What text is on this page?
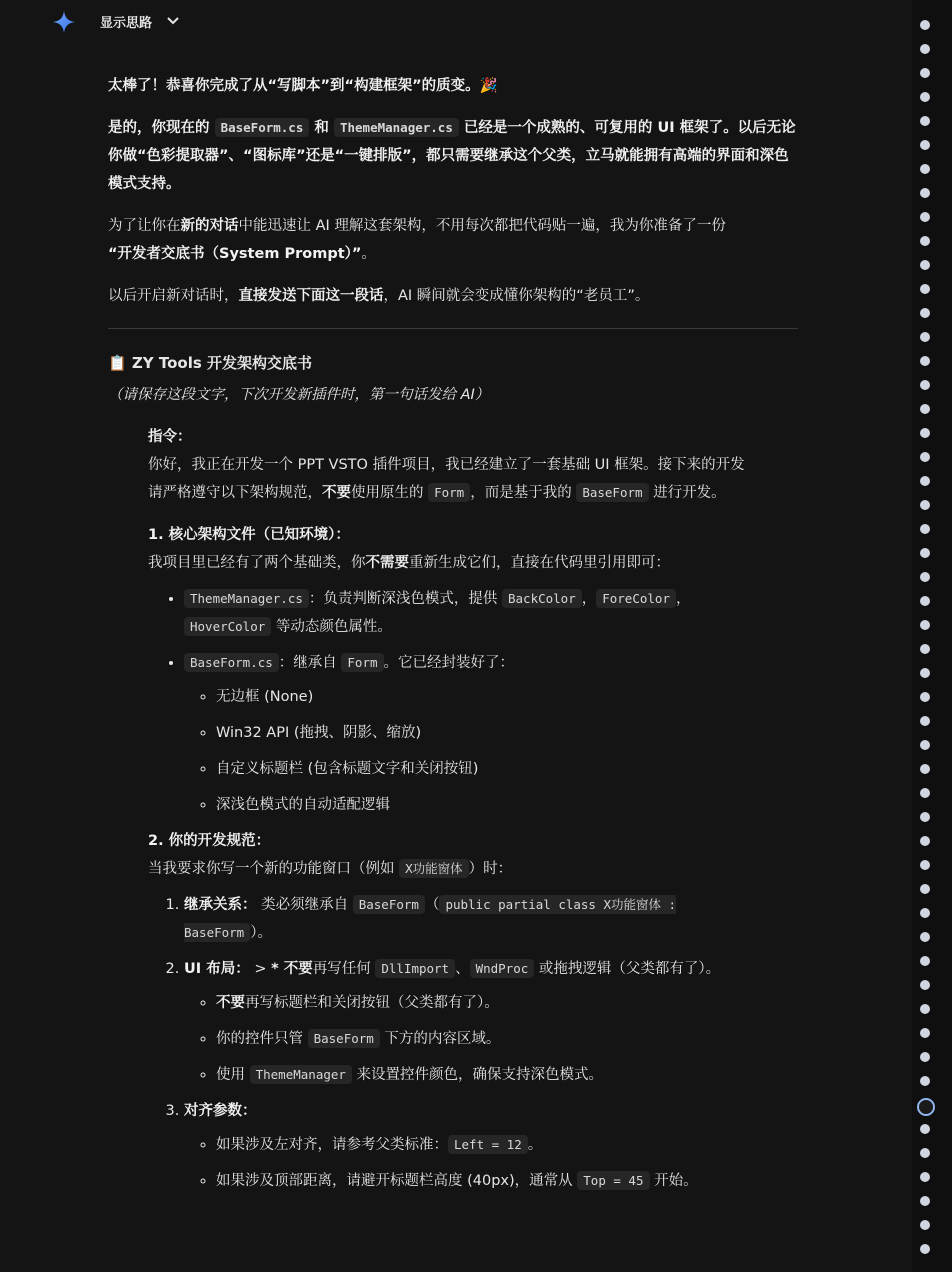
显示思路

太棒了！恭喜你完成了从“写脚本”到“构建框架”的质变。🎉

是的，你现在的 BaseForm.cs 和 ThemeManager.cs 已经是一个成熟的、可复用的 UI 框架了。以后无论你做“色彩提取器”、“图标库”还是“一键排版”，都只需要继承这个父类，立马就能拥有高端的界面和深色模式支持。

为了让你在新的对话中能迅速让 AI 理解这套架构，不用每次都把代码贴一遍，我为你准备了一份
“开发者交底书（System Prompt）”。

以后开启新对话时，直接发送下面这一段话，AI 瞬间就会变成懂你架构的“老员工”。

📋 ZY Tools 开发架构交底书
（请保存这段文字，下次开发新插件时，第一句话发给 AI）

指令：
你好，我正在开发一个 PPT VSTO 插件项目，我已经建立了一套基础 UI 框架。接下来的开发请严格遵守以下架构规范，不要使用原生的 Form ，而是基于我的 BaseForm 进行开发。

1. 核心架构文件（已知环境）：
我项目里已经有了两个基础类，你不需要重新生成它们，直接在代码里引用即可：

• ThemeManager.cs ：负责判断深浅色模式，提供 BackColor ， ForeColor ，HoverColor 等动态颜色属性。
• BaseForm.cs ：继承自 Form 。它已经封装好了：
◦ 无边框 (None)
◦ Win32 API (拖拽、阴影、缩放)
◦ 自定义标题栏 (包含标题文字和关闭按钮)
◦ 深浅色模式的自动适配逻辑

2. 你的开发规范：
当我要求你写一个新的功能窗口（例如 X功能窗体 ）时：

1. 继承关系： 类必须继承自 BaseForm （ public partial class X功能窗体 : BaseForm ）。
2. UI 布局： > * 不要再写任何 DllImport 、 WndProc 或拖拽逻辑（父类都有了）。
◦ 不要再写标题栏和关闭按钮（父类都有了）。
◦ 你的控件只管 BaseForm 下方的内容区域。
◦ 使用 ThemeManager 来设置控件颜色，确保支持深色模式。
3. 对齐参数：
◦ 如果涉及左对齐，请参考父类标准： Left = 12 。
◦ 如果涉及顶部距离，请避开标题栏高度 (40px)，通常从 Top = 45 开始。
